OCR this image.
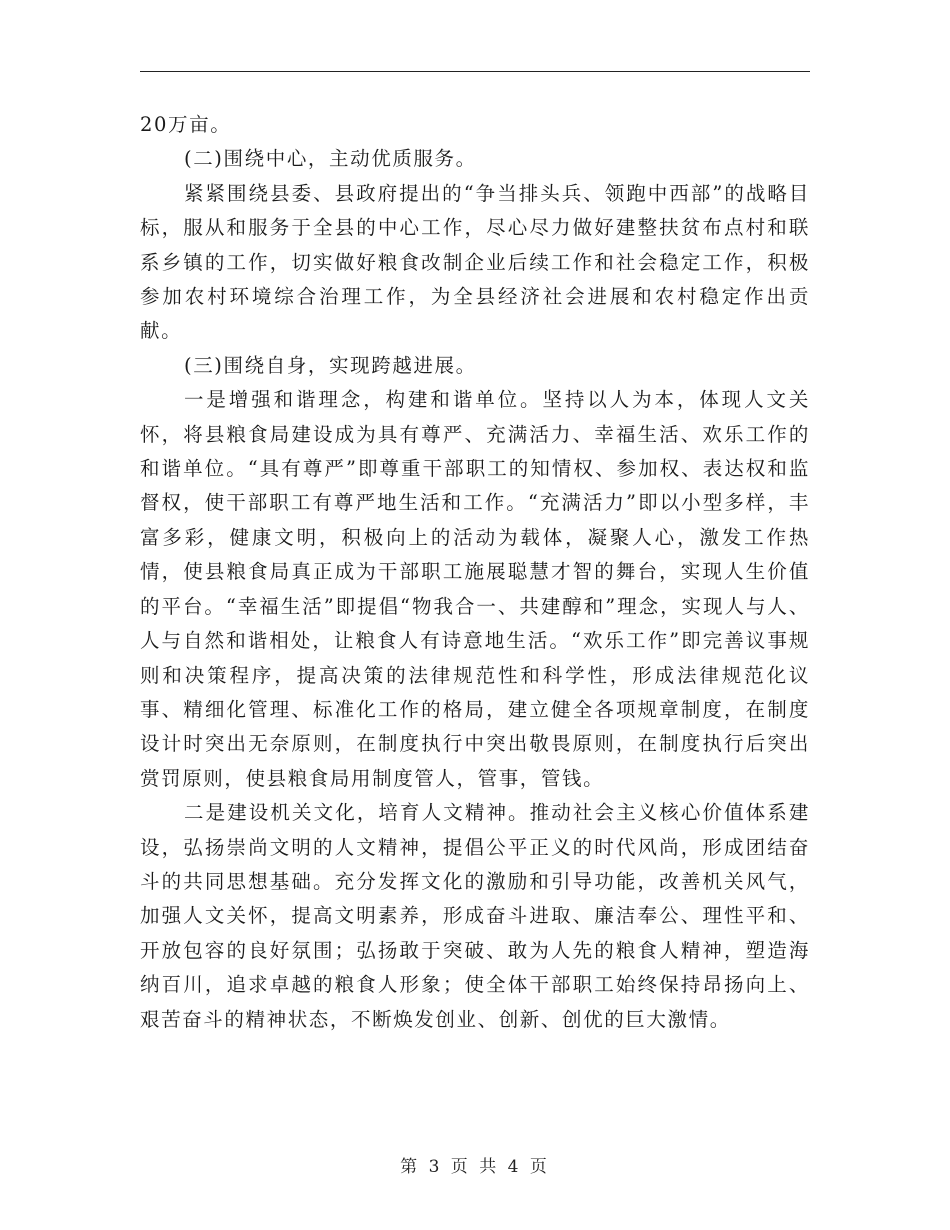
20万亩。

(二)围绕中心，主动优质服务。

紧紧围绕县委、县政府提出的“争当排头兵、领跑中西部”的战略目标，服从和服务于全县的中心工作，尽心尽力做好建整扶贫布点村和联系乡镇的工作，切实做好粮食改制企业后续工作和社会稳定工作，积极参加农村环境综合治理工作，为全县经济社会进展和农村稳定作出贡献。

(三)围绕自身，实现跨越进展。

一是增强和谐理念，构建和谐单位。坚持以人为本，体现人文关怀，将县粮食局建设成为具有尊严、充满活力、幸福生活、欢乐工作的和谐单位。“具有尊严”即尊重干部职工的知情权、参加权、表达权和监督权，使干部职工有尊严地生活和工作。“充满活力”即以小型多样，丰富多彩，健康文明，积极向上的活动为载体，凝聚人心，激发工作热情，使县粮食局真正成为干部职工施展聪慧才智的舞台，实现人生价值的平台。“幸福生活”即提倡“物我合一、共建醇和”理念，实现人与人、人与自然和谐相处，让粮食人有诗意地生活。“欢乐工作”即完善议事规则和决策程序，提高决策的法律规范性和科学性，形成法律规范化议事、精细化管理、标准化工作的格局，建立健全各项规章制度，在制度设计时突出无奈原则，在制度执行中突出敬畏原则，在制度执行后突出赏罚原则，使县粮食局用制度管人，管事，管钱。

二是建设机关文化，培育人文精神。推动社会主义核心价值体系建设，弘扬崇尚文明的人文精神，提倡公平正义的时代风尚，形成团结奋斗的共同思想基础。充分发挥文化的激励和引导功能，改善机关风气，加强人文关怀，提高文明素养，形成奋斗进取、廉洁奉公、理性平和、开放包容的良好氛围；弘扬敢于突破、敢为人先的粮食人精神，塑造海纳百川，追求卓越的粮食人形象；使全体干部职工始终保持昂扬向上、艰苦奋斗的精神状态，不断焕发创业、创新、创优的巨大激情。

第 3 页 共 4 页
